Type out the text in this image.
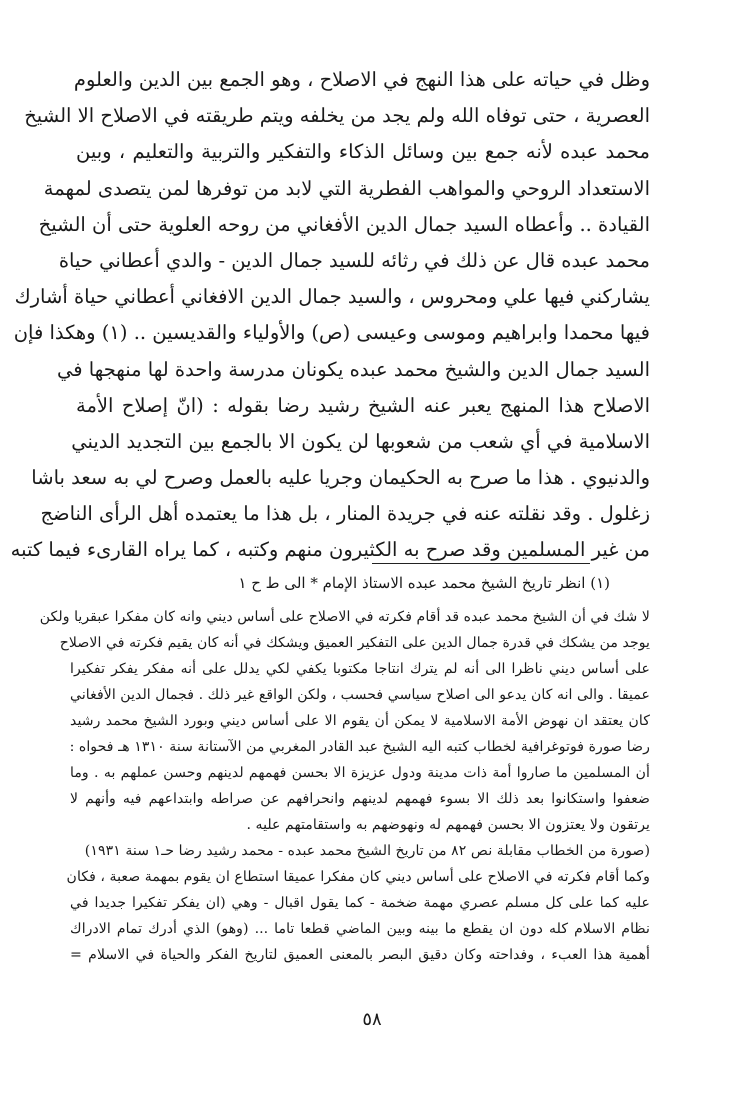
وظل في حياته على هذا النهج في الاصلاح ، وهو الجمع بين الدين والعلوم
العصرية ، حتى توفاه الله ولم يجد من يخلفه ويتم طريقته في الاصلاح الا الشيخ
محمد عبده لأنه جمع بين وسائل الذكاء والتفكير والتربية والتعليم ، وبين
الاستعداد الروحي والمواهب الفطرية التي لابد من توفرها لمن يتصدى لمهمة
القيادة .. وأعطاه السيد جمال الدين الأفغاني من روحه العلوية حتى أن الشيخ
محمد عبده قال عن ذلك في رثائه للسيد جمال الدين - والدي أعطاني حياة
يشاركني فيها علي ومحروس ، والسيد جمال الدين الافغاني أعطاني حياة أشارك
فيها محمدا وابراهيم وموسى وعيسى (ص) والأولياء والقديسين .. (١) وهكذا فإن
السيد جمال الدين والشيخ محمد عبده يكونان مدرسة واحدة لها منهجها في
الاصلاح هذا المنهج يعبر عنه الشيخ رشيد رضا بقوله : (انّ إصلاح الأمة
الاسلامية في أي شعب من شعوبها لن يكون الا بالجمع بين التجديد الديني
والدنيوي . هذا ما صرح به الحكيمان وجريا عليه بالعمل وصرح لي به سعد باشا
زغلول . وقد نقلته عنه في جريدة المنار ، بل هذا ما يعتمده أهل الرأى الناضج
من غير المسلمين وقد صرح به الكثيرون منهم وكتبه ، كما يراه القارىء فيما كتبه
(١) انظر تاريخ الشيخ محمد عبده الاستاذ الإمام * الى ط ح ١
لا شك في أن الشيخ محمد عبده قد أقام فكرته في الاصلاح على أساس ديني وانه كان مفكرا عبقريا ولكن
يوجد من يشكك في قدرة جمال الدين على التفكير العميق ويشكك في أنه كان يقيم فكرته في الاصلاح
على أساس ديني ناظرا الى أنه لم يترك انتاجا مكتوبا يكفي لكي يدلل على أنه مفكر يفكر تفكيرا
عميقا . والى انه كان يدعو الى اصلاح سياسي فحسب ، ولكن الواقع غير ذلك . فجمال الدين الأفغاني
كان يعتقد ان نهوض الأمة الاسلامية لا يمكن أن يقوم الا على أساس ديني وبورد الشيخ محمد رشيد
رضا صورة فوتوغرافية لخطاب كتبه اليه الشيخ عبد القادر المغربي من الآستانة سنة ١٣١٠ هـ فحواه :
أن المسلمين ما صاروا أمة ذات مدينة ودول عزيزة الا بحسن فهمهم لدينهم وحسن عملهم به . وما
ضعفوا واستكانوا بعد ذلك الا بسوء فهمهم لدينهم وانحرافهم عن صراطه وابتداعهم فيه وأنهم لا
يرتقون ولا يعتزون الا بحسن فهمهم له ونهوضهم به واستقامتهم عليه .
(صورة من الخطاب مقابلة نص ٨٢ من تاريخ الشيخ محمد عبده - محمد رشيد رضا حـ١ سنة ١٩٣١)
وكما أقام فكرته في الاصلاح على أساس ديني كان مفكرا عميقا استطاع ان يقوم بمهمة صعبة ، فكان
عليه كما على كل مسلم عصري مهمة ضخمة - كما يقول اقبال - وهي (ان يفكر تفكيرا جديدا في
نظام الاسلام كله دون ان يقطع ما بينه وبين الماضي قطعا تاما ... (وهو) الذي أدرك تمام الادراك
أهمية هذا العبء ، وفداحته وكان دقيق البصر بالمعنى العميق لتاريخ الفكر والحياة في الاسلام =
٥٨
